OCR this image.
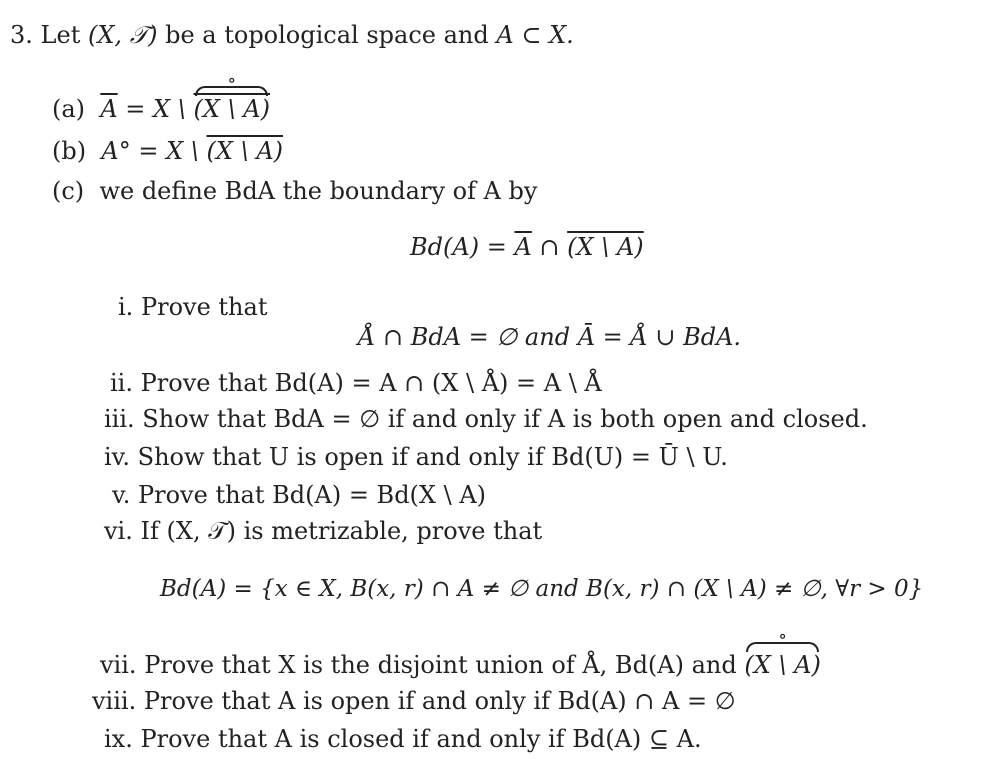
3. Let (X, 𝒯) be a topological space and A ⊂ X.
(a) $\overline{A} = X$ \ (X \ A) ∘
(b) A° = X \ (X \ A)
(c) we define BdA the boundary of A by
$Bd(A) = \overline{A}$ ∩ (X \ A)
i. Prove that
Å ∩ BdA = ∅ and Ā = Å ∪ BdA.
ii. Prove that Bd(A) = A ∩ (X \ Å) = A \ Å
iii. Show that BdA = ∅ if and only if A is both open and closed.
iv. Show that U is open if and only if Bd(U) = Ū \ U.
v. Prove that Bd(A) = Bd(X \ A)
vi. If (X, 𝒯) is metrizable, prove that
Bd(A) = {x ∈ X, B(x, r) ∩ A ≠ ∅ and B(x, r) ∩ (X \ A) ≠ ∅, ∀r > 0}
vii. Prove that X is the disjoint union of Å, Bd(A) and (X \ A) ∘
viii. Prove that A is open if and only if Bd(A) ∩ A = ∅
ix. Prove that A is closed if and only if Bd(A) ⊆ A.
